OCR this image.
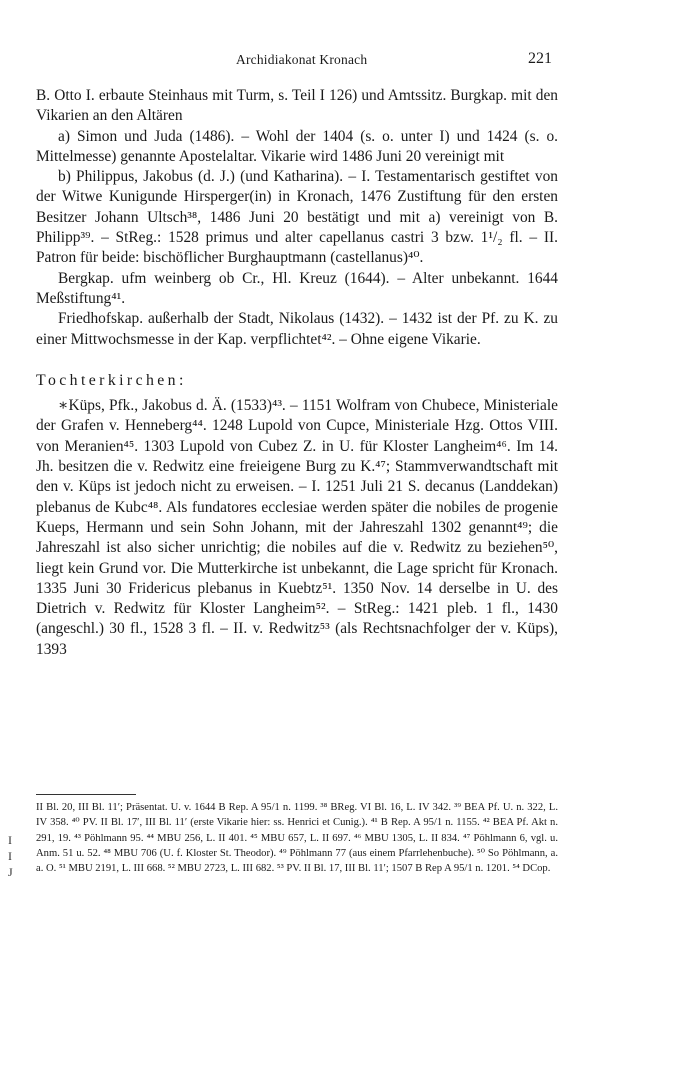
Archidiakonat Kronach	221

B. Otto I. erbaute Steinhaus mit Turm, s. Teil I 126) und Amtssitz. Burgkap. mit den Vikarien an den Altären

a) Simon und Juda (1486). – Wohl der 1404 (s. o. unter I) und 1424 (s. o. Mittelmesse) genannte Apostelaltar. Vikarie wird 1486 Juni 20 vereinigt mit

b) Philippus, Jakobus (d. J.) (und Katharina). – I. Testamentarisch gestiftet von der Witwe Kunigunde Hirsperger(in) in Kronach, 1476 Zustiftung für den ersten Besitzer Johann Ultsch³⁸, 1486 Juni 20 bestätigt und mit a) vereinigt von B. Philipp³⁹. – StReg.: 1528 primus und alter capellanus castri 3 bzw. 1¹/₂ fl. – II. Patron für beide: bischöflicher Burghauptmann (castellanus)⁴⁰.

Bergkap. ufm weinberg ob Cr., Hl. Kreuz (1644). – Alter unbekannt. 1644 Meßstiftung⁴¹.

Friedhofskap. außerhalb der Stadt, Nikolaus (1432). – 1432 ist der Pf. zu K. zu einer Mittwochsmesse in der Kap. verpflichtet⁴². – Ohne eigene Vikarie.

Tochterkirchen:

∗Küps, Pfk., Jakobus d. Ä. (1533)⁴³. – 1151 Wolfram von Chubece, Ministeriale der Grafen v. Henneberg⁴⁴. 1248 Lupold von Cupce, Ministeriale Hzg. Ottos VIII. von Meranien⁴⁵. 1303 Lupold von Cubez Z. in U. für Kloster Langheim⁴⁶. Im 14. Jh. besitzen die v. Redwitz eine freieigene Burg zu K.⁴⁷; Stammverwandtschaft mit den v. Küps ist jedoch nicht zu erweisen. – I. 1251 Juli 21 S. decanus (Landdekan) plebanus de Kubc⁴⁸. Als fundatores ecclesiae werden später die nobiles de progenie Kueps, Hermann und sein Sohn Johann, mit der Jahreszahl 1302 genannt⁴⁹; die Jahreszahl ist also sicher unrichtig; die nobiles auf die v. Redwitz zu beziehen⁵⁰, liegt kein Grund vor. Die Mutterkirche ist unbekannt, die Lage spricht für Kronach. 1335 Juni 30 Fridericus plebanus in Kuebtz⁵¹. 1350 Nov. 14 derselbe in U. des Dietrich v. Redwitz für Kloster Langheim⁵². – StReg.: 1421 pleb. 1 fl., 1430 (angeschl.) 30 fl., 1528 3 fl. – II. v. Redwitz⁵³ (als Rechtsnachfolger der v. Küps), 1393

II Bl. 20, III Bl. 11′; Präsentat. U. v. 1644 B Rep. A 95/1 n. 1199. ³⁸ BReg. VI Bl. 16, L. IV 342. ³⁹ BEA Pf. U. n. 322, L. IV 358. ⁴⁰ PV. II Bl. 17′, III Bl. 11′ (erste Vikarie hier: ss. Henrici et Cunig.). ⁴¹ B Rep. A 95/1 n. 1155. ⁴² BEA Pf. Akt n. 291, 19. ⁴³ Pöhlmann 95. ⁴⁴ MBU 256, L. II 401. ⁴⁵ MBU 657, L. II 697. ⁴⁶ MBU 1305, L. II 834. ⁴⁷ Pöhlmann 6, vgl. u. Anm. 51 u. 52. ⁴⁸ MBU 706 (U. f. Kloster St. Theodor). ⁴⁹ Pöhlmann 77 (aus einem Pfarrlehenbuche). ⁵⁰ So Pöhlmann, a. a. O. ⁵¹ MBU 2191, L. III 668. ⁵² MBU 2723, L. III 682. ⁵³ PV. II Bl. 17, III Bl. 11′; 1507 B Rep A 95/1 n. 1201. ⁵⁴ DCop.

I
I
J
